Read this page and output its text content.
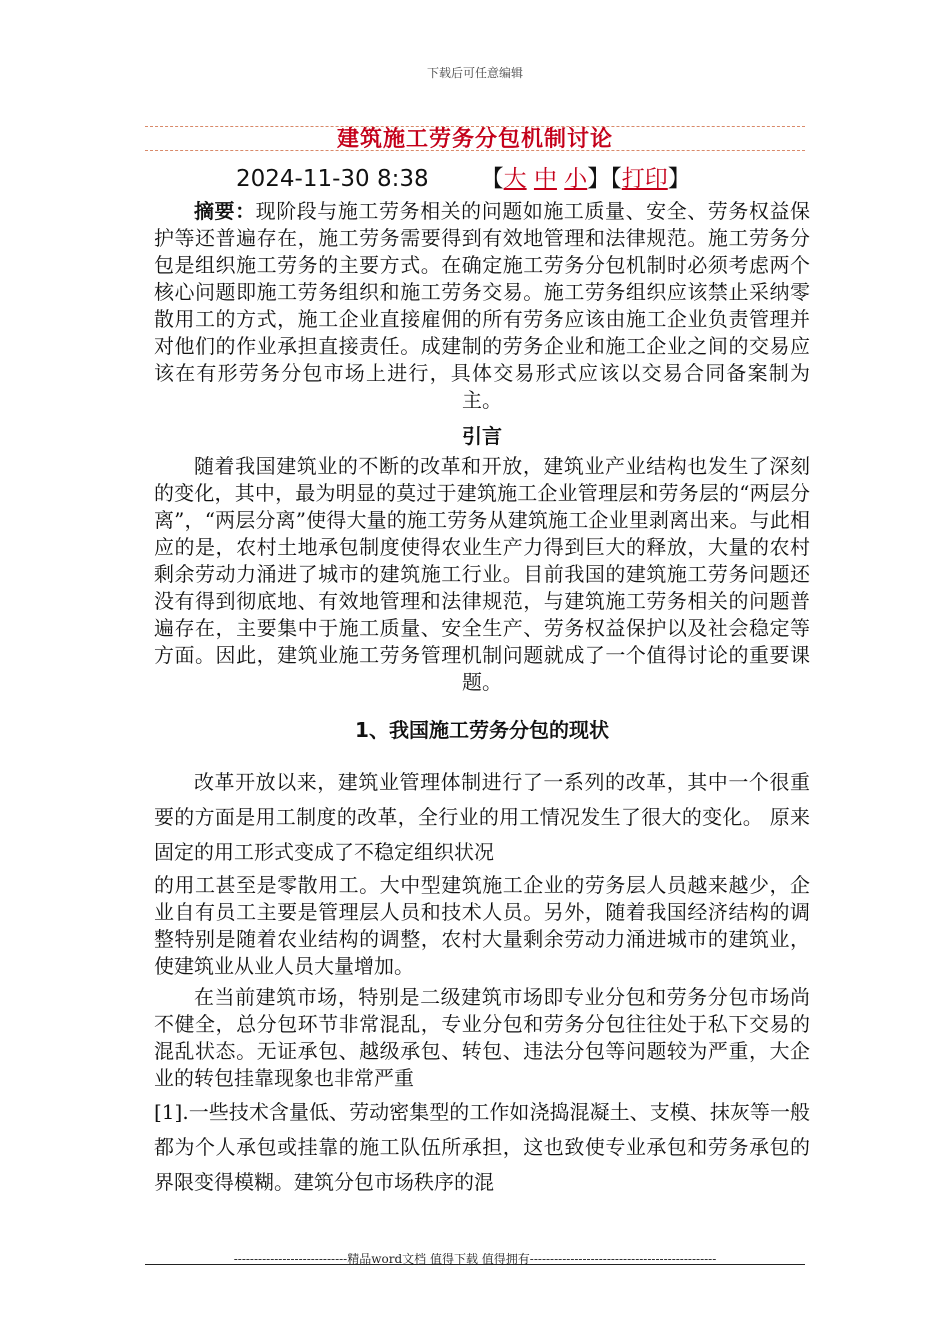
下载后可任意编辑
建筑施工劳务分包机制讨论
2024-11-30 8:38 【大 中 小】【打印】

摘要：现阶段与施工劳务相关的问题如施工质量、安全、劳务权益保护等还普遍存在，施工劳务需要得到有效地管理和法律规范。施工劳务分包是组织施工劳务的主要方式。在确定施工劳务分包机制时必须考虑两个核心问题即施工劳务组织和施工劳务交易。施工劳务组织应该禁止采纳零散用工的方式，施工企业直接雇佣的所有劳务应该由施工企业负责管理并对他们的作业承担直接责任。成建制的劳务企业和施工企业之间的交易应该在有形劳务分包市场上进行，具体交易形式应该以交易合同备案制为主。

引言

随着我国建筑业的不断的改革和开放，建筑业产业结构也发生了深刻的变化，其中，最为明显的莫过于建筑施工企业管理层和劳务层的“两层分离”，“两层分离”使得大量的施工劳务从建筑施工企业里剥离出来。与此相应的是，农村土地承包制度使得农业生产力得到巨大的释放，大量的农村剩余劳动力涌进了城市的建筑施工行业。目前我国的建筑施工劳务问题还没有得到彻底地、有效地管理和法律规范，与建筑施工劳务相关的问题普遍存在，主要集中于施工质量、安全生产、劳务权益保护以及社会稳定等方面。因此，建筑业施工劳务管理机制问题就成了一个值得讨论的重要课题。

1、我国施工劳务分包的现状

改革开放以来，建筑业管理体制进行了一系列的改革，其中一个很重要的方面是用工制度的改革，全行业的用工情况发生了很大的变化。 原来固定的用工形式变成了不稳定组织状况

的用工甚至是零散用工。大中型建筑施工企业的劳务层人员越来越少，企业自有员工主要是管理层人员和技术人员。另外，随着我国经济结构的调整特别是随着农业结构的调整，农村大量剩余劳动力涌进城市的建筑业，使建筑业从业人员大量增加。

在当前建筑市场，特别是二级建筑市场即专业分包和劳务分包市场尚不健全，总分包环节非常混乱，专业分包和劳务分包往往处于私下交易的混乱状态。无证承包、越级承包、转包、违法分包等问题较为严重，大企业的转包挂靠现象也非常严重

[1].一些技术含量低、劳动密集型的工作如浇捣混凝土、支模、抹灰等一般都为个人承包或挂靠的施工队伍所承担，这也致使专业承包和劳务承包的界限变得模糊。建筑分包市场秩序的混

----------------------------精品word文档 值得下载 值得拥有----------------------------------------------
